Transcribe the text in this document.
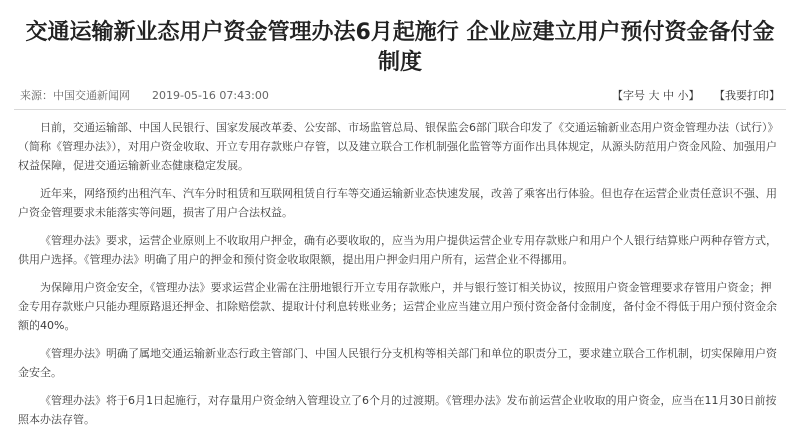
交通运输新业态用户资金管理办法6月起施行 企业应建立用户预付资金备付金制度
来源：中国交通新闻网 2019-05-16 07:43:00	【字号 大 中 小】 【我要打印】

日前，交通运输部、中国人民银行、国家发展改革委、公安部、市场监管总局、银保监会6部门联合印发了《交通运输新业态用户资金管理办法（试行）》（简称《管理办法》），对用户资金收取、开立专用存款账户存管，以及建立联合工作机制强化监管等方面作出具体规定，从源头防范用户资金风险、加强用户权益保障，促进交通运输新业态健康稳定发展。

近年来，网络预约出租汽车、汽车分时租赁和互联网租赁自行车等交通运输新业态快速发展，改善了乘客出行体验。但也存在运营企业责任意识不强、用户资金管理要求未能落实等问题，损害了用户合法权益。

《管理办法》要求，运营企业原则上不收取用户押金，确有必要收取的，应当为用户提供运营企业专用存款账户和用户个人银行结算账户两种存管方式，供用户选择。《管理办法》明确了用户的押金和预付资金收取限额，提出用户押金归用户所有，运营企业不得挪用。

为保障用户资金安全，《管理办法》要求运营企业需在注册地银行开立专用存款账户，并与银行签订相关协议，按照用户资金管理要求存管用户资金；押金专用存款账户只能办理原路退还押金、扣除赔偿款、提取计付利息转账业务；运营企业应当建立用户预付资金备付金制度，备付金不得低于用户预付资金余额的40%。

《管理办法》明确了属地交通运输新业态行政主管部门、中国人民银行分支机构等相关部门和单位的职责分工，要求建立联合工作机制，切实保障用户资金安全。

《管理办法》将于6月1日起施行，对存量用户资金纳入管理设立了6个月的过渡期。《管理办法》发布前运营企业收取的用户资金，应当在11月30日前按照本办法存管。
